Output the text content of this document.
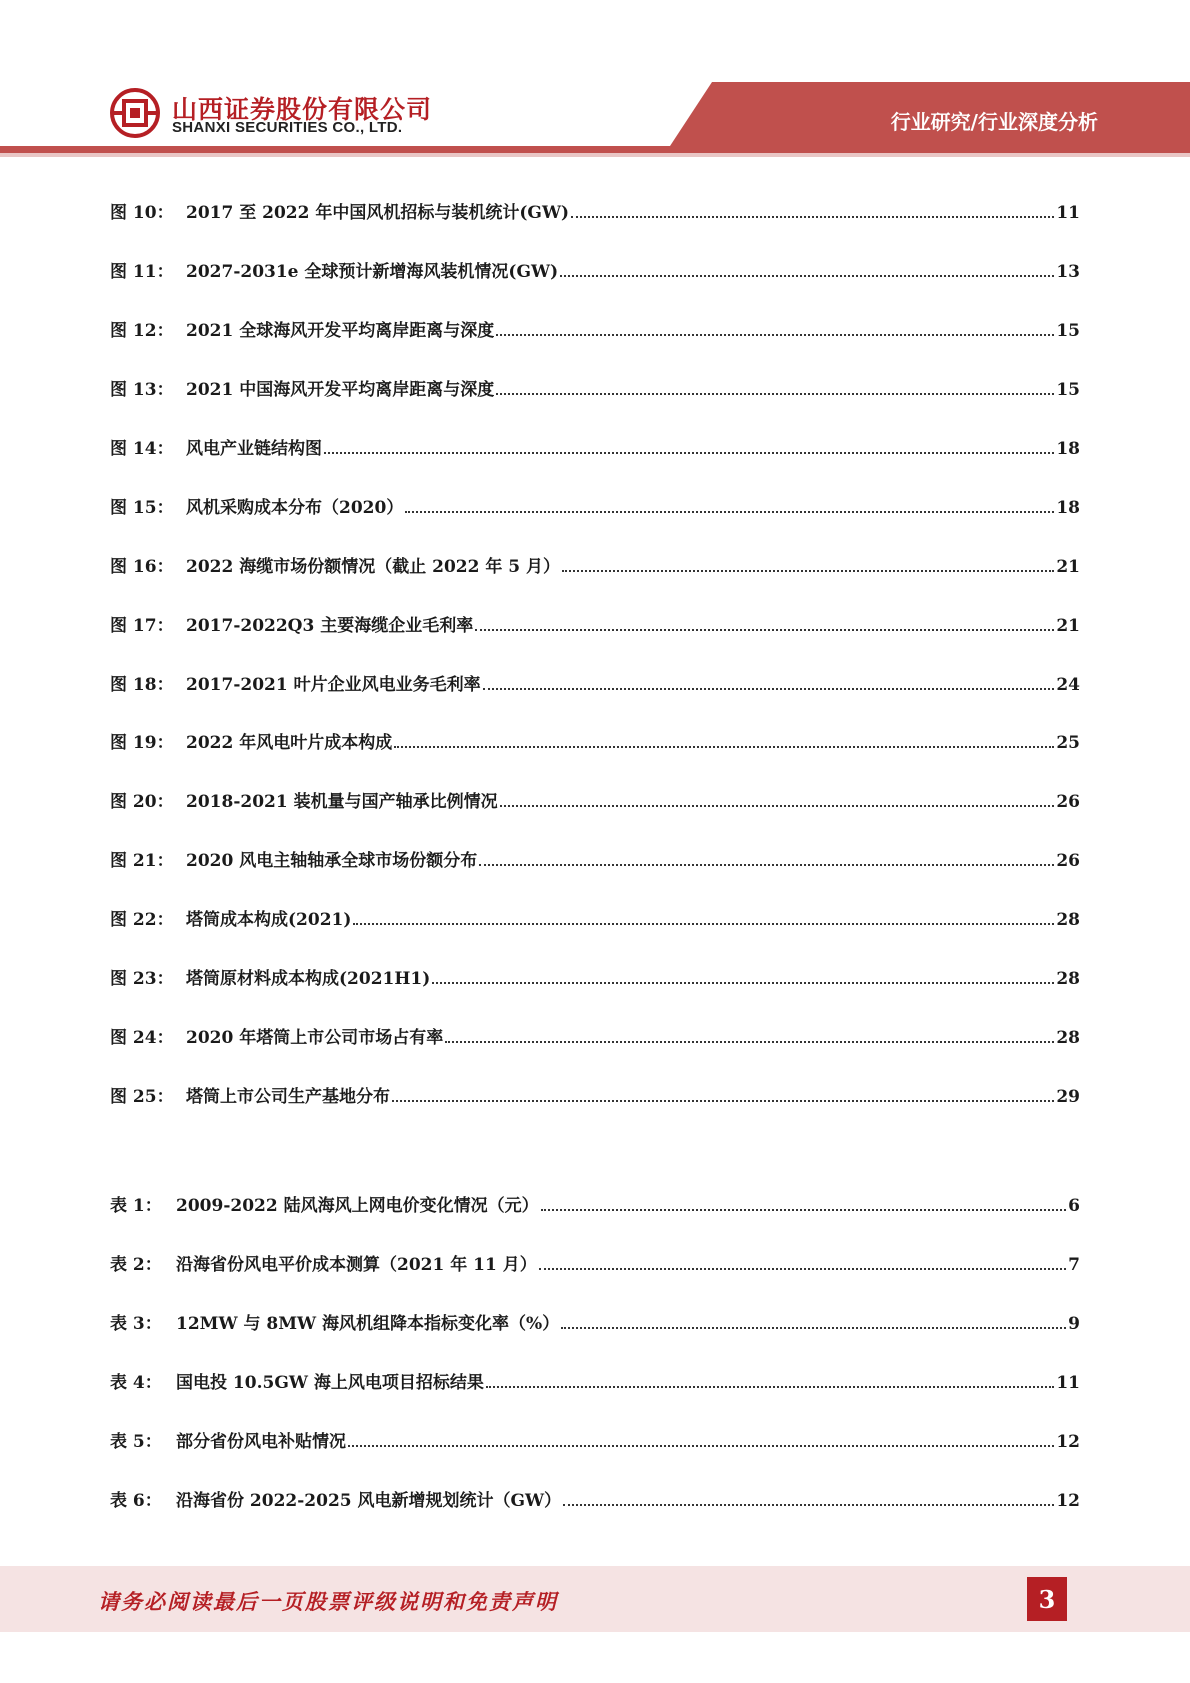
山西证券股份有限公司
SHANXI SECURITIES CO., LTD.	行业研究/行业深度分析
图 10： 2017 至 2022 年中国风机招标与装机统计(GW)	11
图 11： 2027-2031e 全球预计新增海风装机情况(GW)	13
图 12： 2021 全球海风开发平均离岸距离与深度	15
图 13： 2021 中国海风开发平均离岸距离与深度	15
图 14： 风电产业链结构图	18
图 15： 风机采购成本分布（2020）	18
图 16： 2022 海缆市场份额情况（截止 2022 年 5 月）	21
图 17： 2017-2022Q3 主要海缆企业毛利率	21
图 18： 2017-2021 叶片企业风电业务毛利率	24
图 19： 2022 年风电叶片成本构成	25
图 20： 2018-2021 装机量与国产轴承比例情况	26
图 21： 2020 风电主轴轴承全球市场份额分布	26
图 22： 塔筒成本构成(2021)	28
图 23： 塔筒原材料成本构成(2021H1)	28
图 24： 2020 年塔筒上市公司市场占有率	28
图 25： 塔筒上市公司生产基地分布	29
表 1： 2009-2022 陆风海风上网电价变化情况（元）	6
表 2： 沿海省份风电平价成本测算（2021 年 11 月）	7
表 3： 12MW 与 8MW 海风机组降本指标变化率（%）	9
表 4： 国电投 10.5GW 海上风电项目招标结果	11
表 5： 部分省份风电补贴情况	12
表 6： 沿海省份 2022-2025 风电新增规划统计（GW）	12
请务必阅读最后一页股票评级说明和免责声明	3
